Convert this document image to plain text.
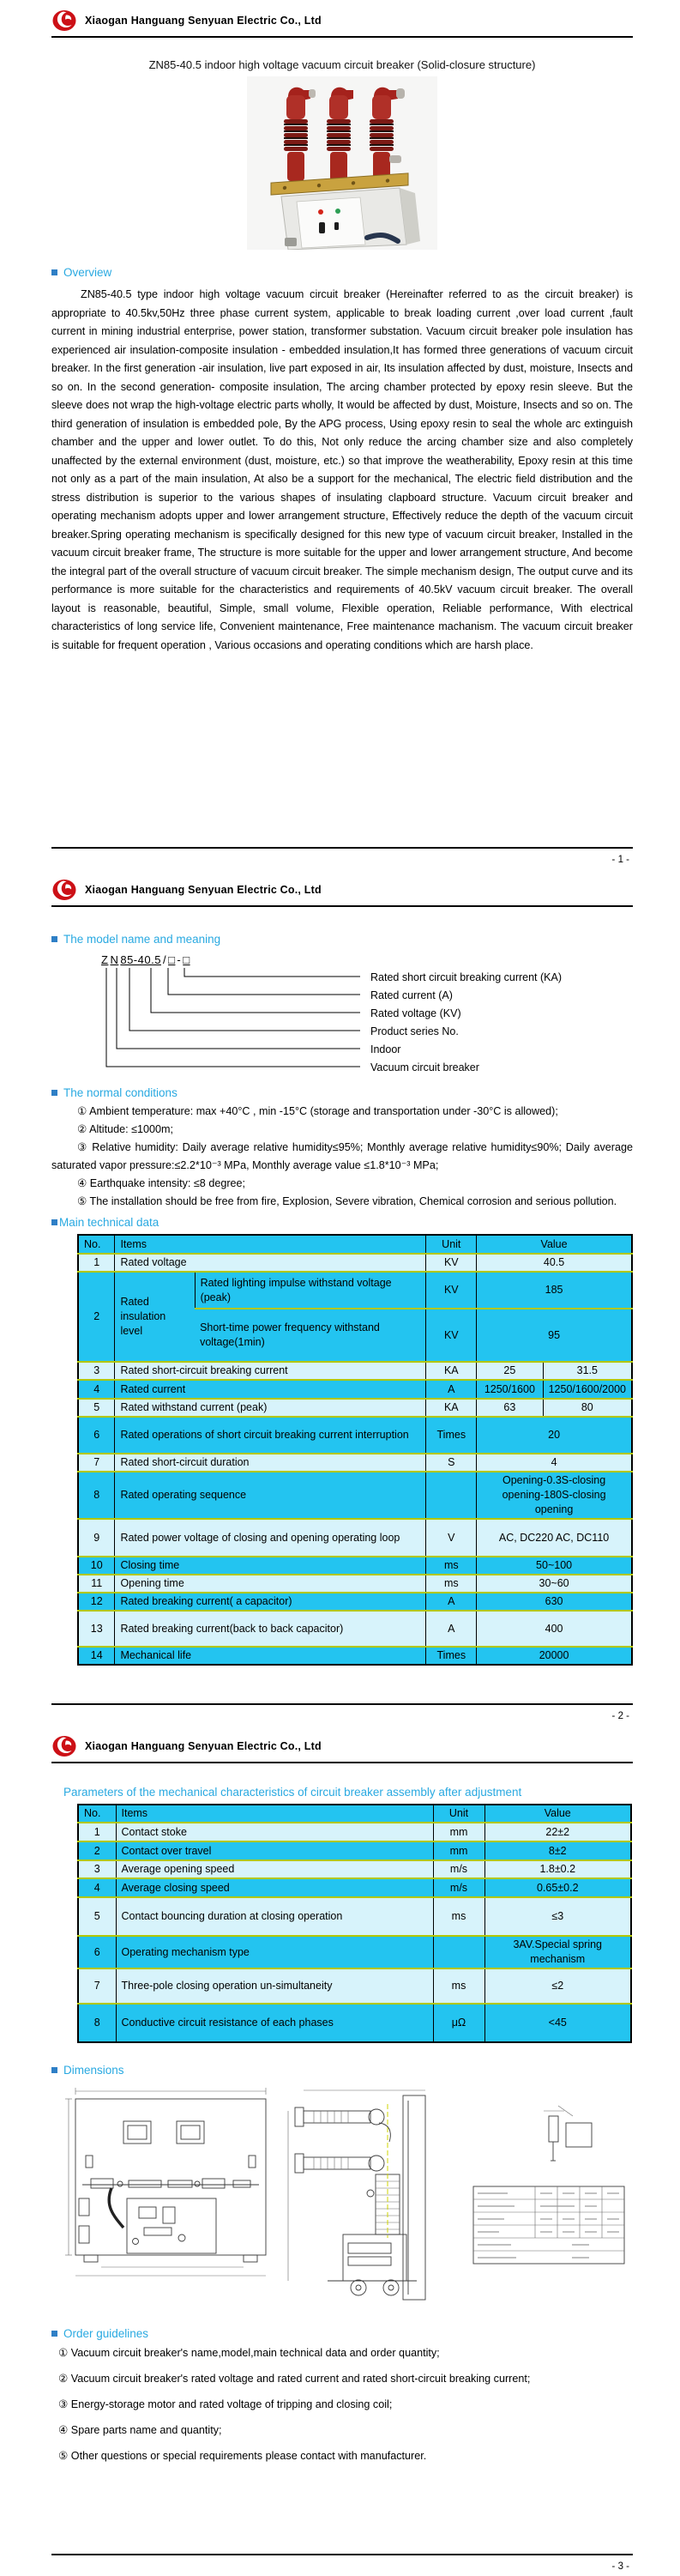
Xiaogan Hanguang Senyuan Electric Co., Ltd
ZN85-40.5 indoor high voltage vacuum circuit breaker (Solid-closure structure)
Overview
ZN85-40.5 type indoor high voltage vacuum circuit breaker (Hereinafter referred to as the circuit breaker) is appropriate to 40.5kv,50Hz three phase current system, applicable to break loading current ,over load current ,fault current in mining industrial enterprise, power station, transformer substation. Vacuum circuit breaker pole insulation has experienced air insulation-composite insulation - embedded insulation,It has formed three generations of vacuum circuit breaker. In the first generation -air insulation, live part exposed in air, Its insulation affected by dust, moisture, Insects and so on. In the second generation- composite insulation, The arcing chamber protected by epoxy resin sleeve. But the sleeve does not wrap the high-voltage electric parts wholly, It would be affected by dust, Moisture, Insects and so on. The third generation of insulation is embedded pole, By the APG process, Using epoxy resin to seal the whole arc extinguish chamber and the upper and lower outlet. To do this, Not only reduce the arcing chamber size and also completely unaffected by the external environment (dust, moisture, etc.) so that improve the weatherability, Epoxy resin at this time not only as a part of the main insulation, At also be a support for the mechanical, The electric field distribution and the stress distribution is superior to the various shapes of insulating clapboard structure. Vacuum circuit breaker and operating mechanism adopts upper and lower arrangement structure, Effectively reduce the depth of the vacuum circuit breaker.Spring operating mechanism is specifically designed for this new type of vacuum circuit breaker, Installed in the vacuum circuit breaker frame, The structure is more suitable for the upper and lower arrangement structure, And become the integral part of the overall structure of vacuum circuit breaker. The simple mechanism design, The output curve and its performance is more suitable for the characteristics and requirements of 40.5kV vacuum circuit breaker. The overall layout is reasonable, beautiful, Simple, small volume, Flexible operation, Reliable performance, With electrical characteristics of long service life, Convenient maintenance, Free maintenance machanism. The vacuum circuit breaker is suitable for frequent operation , Various occasions and operating conditions which are harsh place.
- 1 -
Xiaogan Hanguang Senyuan Electric Co., Ltd
The model name and meaning
Z N 85-40.5 / □ - □
Rated short circuit breaking current (KA)
Rated current (A)
Rated voltage (KV)
Product series No.
Indoor
Vacuum circuit breaker
The normal conditions
① Ambient temperature: max +40°C , min -15°C (storage and transportation under -30°C is allowed);
② Altitude: ≤1000m;
③ Relative humidity: Daily average relative humidity≤95%; Monthly average relative humidity≤90%; Daily average saturated vapor pressure:≤2.2*10⁻³ MPa, Monthly average value ≤1.8*10⁻³ MPa;
④ Earthquake intensity: ≤8 degree;
⑤ The installation should be free from fire, Explosion, Severe vibration, Chemical corrosion and serious pollution.
Main technical data
No.	Items		Unit	Value	
1	Rated voltage		KV	40.5	
2	Rated insulation level	Rated lighting impulse withstand voltage (peak)	KV	185	
		Short-time power frequency withstand voltage(1min)	KV	95	
3	Rated short-circuit breaking current		KA	25	31.5
4	Rated current		A	1250/1600	1250/1600/2000
5	Rated withstand current (peak)		KA	63	80
6	Rated operations of short circuit breaking current interruption		Times	20	
7	Rated short-circuit duration		S	4	
8	Rated operating sequence			Opening-0.3S-closing
opening-180S-closing opening	

9	Rated power voltage of closing and opening operating loop		V	AC, DC220 AC, DC110	
10	Closing time		ms	50~100	
11	Opening time		ms	30~60	
12	Rated breaking current( a capacitor)		A	630	
13	Rated breaking current(back to back capacitor)		A	400	
14	Mechanical life		Times	20000	
- 2 -
Xiaogan Hanguang Senyuan Electric Co., Ltd
Parameters of the mechanical characteristics of circuit breaker assembly after adjustment
No.	Items	Unit	Value
1	Contact stoke	mm	22±2
2	Contact over travel	mm	8±2
3	Average opening speed	m/s	1.8±0.2
4	Average closing speed	m/s	0.65±0.2
5	Contact bouncing duration at closing operation	ms	≤3
6	Operating mechanism type		3AV.Special spring mechanism
7	Three-pole closing operation un-simultaneity	ms	≤2
8	Conductive circuit resistance of each phases	μΩ	<45
Dimensions
Order guidelines
① Vacuum circuit breaker's name,model,main technical data and order quantity;
② Vacuum circuit breaker's rated voltage and rated current and rated short-circuit breaking current;
③ Energy-storage motor and rated voltage of tripping and closing coil;
④ Spare parts name and quantity;
⑤ Other questions or special requirements please contact with manufacturer.
- 3 -
